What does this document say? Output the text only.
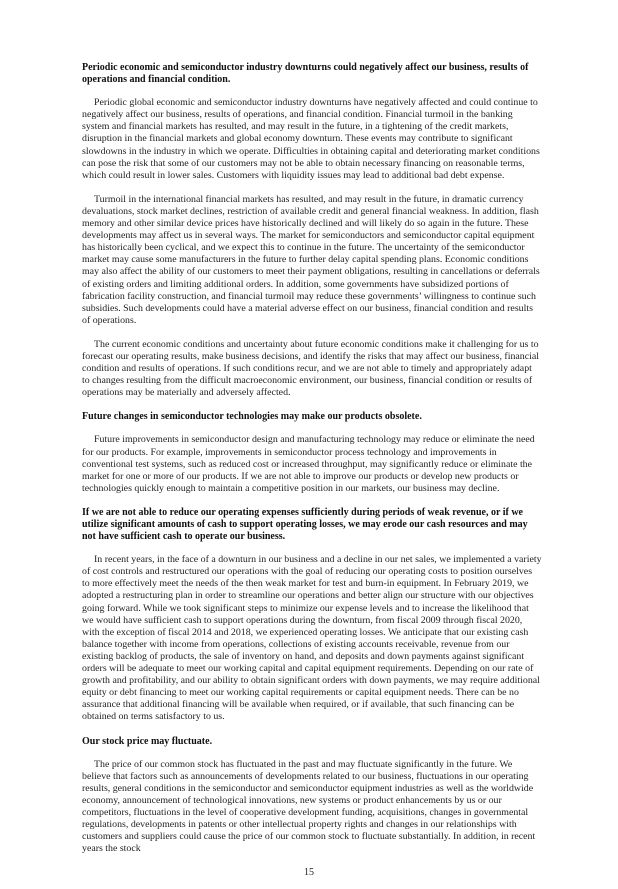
Periodic economic and semiconductor industry downturns could negatively affect our business, results of operations and financial condition.

Periodic global economic and semiconductor industry downturns have negatively affected and could continue to negatively affect our business, results of operations, and financial condition. Financial turmoil in the banking system and financial markets has resulted, and may result in the future, in a tightening of the credit markets, disruption in the financial markets and global economy downturn. These events may contribute to significant slowdowns in the industry in which we operate. Difficulties in obtaining capital and deteriorating market conditions can pose the risk that some of our customers may not be able to obtain necessary financing on reasonable terms, which could result in lower sales. Customers with liquidity issues may lead to additional bad debt expense.

Turmoil in the international financial markets has resulted, and may result in the future, in dramatic currency devaluations, stock market declines, restriction of available credit and general financial weakness. In addition, flash memory and other similar device prices have historically declined and will likely do so again in the future. These developments may affect us in several ways. The market for semiconductors and semiconductor capital equipment has historically been cyclical, and we expect this to continue in the future. The uncertainty of the semiconductor market may cause some manufacturers in the future to further delay capital spending plans. Economic conditions may also affect the ability of our customers to meet their payment obligations, resulting in cancellations or deferrals of existing orders and limiting additional orders. In addition, some governments have subsidized portions of fabrication facility construction, and financial turmoil may reduce these governments’ willingness to continue such subsidies. Such developments could have a material adverse effect on our business, financial condition and results of operations.

The current economic conditions and uncertainty about future economic conditions make it challenging for us to forecast our operating results, make business decisions, and identify the risks that may affect our business, financial condition and results of operations. If such conditions recur, and we are not able to timely and appropriately adapt to changes resulting from the difficult macroeconomic environment, our business, financial condition or results of operations may be materially and adversely affected.

Future changes in semiconductor technologies may make our products obsolete.

Future improvements in semiconductor design and manufacturing technology may reduce or eliminate the need for our products. For example, improvements in semiconductor process technology and improvements in conventional test systems, such as reduced cost or increased throughput, may significantly reduce or eliminate the market for one or more of our products. If we are not able to improve our products or develop new products or technologies quickly enough to maintain a competitive position in our markets, our business may decline.

If we are not able to reduce our operating expenses sufficiently during periods of weak revenue, or if we utilize significant amounts of cash to support operating losses, we may erode our cash resources and may not have sufficient cash to operate our business.

In recent years, in the face of a downturn in our business and a decline in our net sales, we implemented a variety of cost controls and restructured our operations with the goal of reducing our operating costs to position ourselves to more effectively meet the needs of the then weak market for test and burn-in equipment. In February 2019, we adopted a restructuring plan in order to streamline our operations and better align our structure with our objectives going forward. While we took significant steps to minimize our expense levels and to increase the likelihood that we would have sufficient cash to support operations during the downturn, from fiscal 2009 through fiscal 2020, with the exception of fiscal 2014 and 2018, we experienced operating losses. We anticipate that our existing cash balance together with income from operations, collections of existing accounts receivable, revenue from our existing backlog of products, the sale of inventory on hand, and deposits and down payments against significant orders will be adequate to meet our working capital and capital equipment requirements. Depending on our rate of growth and profitability, and our ability to obtain significant orders with down payments, we may require additional equity or debt financing to meet our working capital requirements or capital equipment needs. There can be no assurance that additional financing will be available when required, or if available, that such financing can be obtained on terms satisfactory to us.

Our stock price may fluctuate.

The price of our common stock has fluctuated in the past and may fluctuate significantly in the future. We believe that factors such as announcements of developments related to our business, fluctuations in our operating results, general conditions in the semiconductor and semiconductor equipment industries as well as the worldwide economy, announcement of technological innovations, new systems or product enhancements by us or our competitors, fluctuations in the level of cooperative development funding, acquisitions, changes in governmental regulations, developments in patents or other intellectual property rights and changes in our relationships with customers and suppliers could cause the price of our common stock to fluctuate substantially. In addition, in recent years the stock

15
